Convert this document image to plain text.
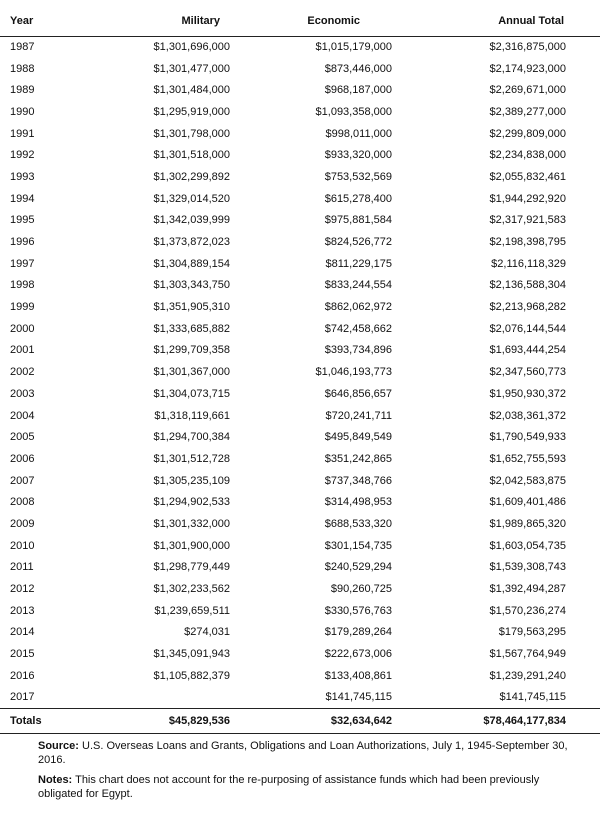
Year	Military	Economic	Annual Total	
1987	$1,301,696,000	$1,015,179,000	$2,316,875,000	
1988	$1,301,477,000	$873,446,000	$2,174,923,000	
1989	$1,301,484,000	$968,187,000	$2,269,671,000	
1990	$1,295,919,000	$1,093,358,000	$2,389,277,000	
1991	$1,301,798,000	$998,011,000	$2,299,809,000	
1992	$1,301,518,000	$933,320,000	$2,234,838,000	
1993	$1,302,299,892	$753,532,569	$2,055,832,461	
1994	$1,329,014,520	$615,278,400	$1,944,292,920	
1995	$1,342,039,999	$975,881,584	$2,317,921,583	
1996	$1,373,872,023	$824,526,772	$2,198,398,795	
1997	$1,304,889,154	$811,229,175	$2,116,118,329	
1998	$1,303,343,750	$833,244,554	$2,136,588,304	
1999	$1,351,905,310	$862,062,972	$2,213,968,282	
2000	$1,333,685,882	$742,458,662	$2,076,144,544	
2001	$1,299,709,358	$393,734,896	$1,693,444,254	
2002	$1,301,367,000	$1,046,193,773	$2,347,560,773	
2003	$1,304,073,715	$646,856,657	$1,950,930,372	
2004	$1,318,119,661	$720,241,711	$2,038,361,372	
2005	$1,294,700,384	$495,849,549	$1,790,549,933	
2006	$1,301,512,728	$351,242,865	$1,652,755,593	
2007	$1,305,235,109	$737,348,766	$2,042,583,875	
2008	$1,294,902,533	$314,498,953	$1,609,401,486	
2009	$1,301,332,000	$688,533,320	$1,989,865,320	
2010	$1,301,900,000	$301,154,735	$1,603,054,735	
2011	$1,298,779,449	$240,529,294	$1,539,308,743	
2012	$1,302,233,562	$90,260,725	$1,392,494,287	
2013	$1,239,659,511	$330,576,763	$1,570,236,274	
2014	$274,031	$179,289,264	$179,563,295	
2015	$1,345,091,943	$222,673,006	$1,567,764,949	
2016	$1,105,882,379	$133,408,861	$1,239,291,240	
2017		$141,745,115	$141,745,115	
Totals	$45,829,536	$32,634,642	$78,464,177,834	

Source: U.S. Overseas Loans and Grants, Obligations and Loan Authorizations, July 1, 1945-September 30, 2016.

Notes: This chart does not account for the re-purposing of assistance funds which had been previously obligated for Egypt.
